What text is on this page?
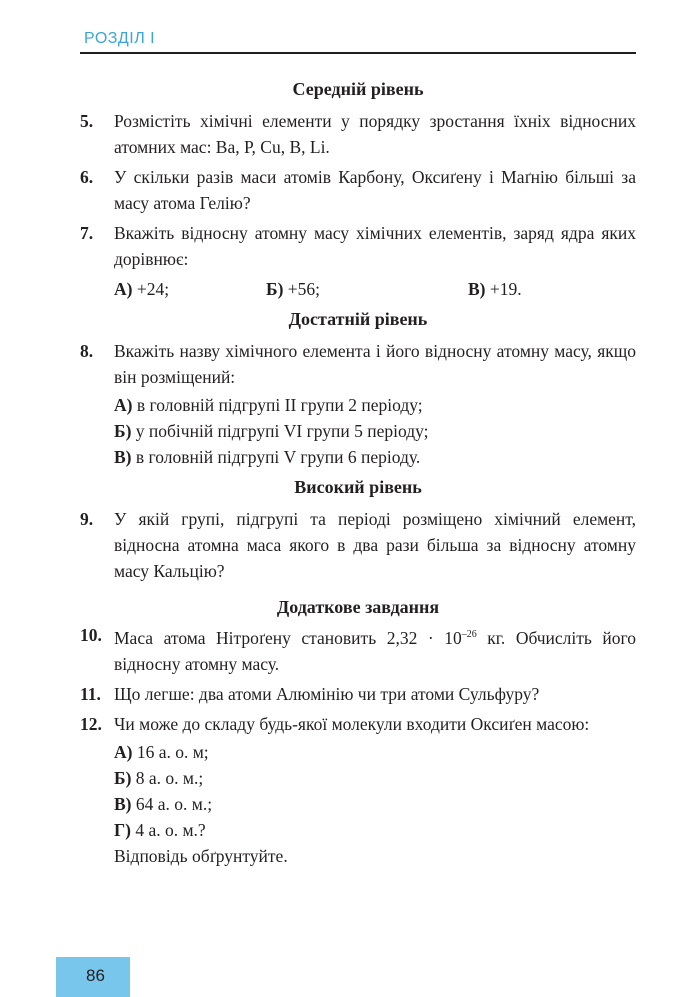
РОЗДІЛ І
Середній рівень
5.	Розмістіть хімічні елементи у порядку зростання їхніх відносних атомних мас: Ва, Р, Сu, В, Li.
6.	У скільки разів маси атомів Карбону, Оксиґену і Маґнію більші за масу атома Гелію?
7.	Вкажіть відносну атомну масу хімічних елементів, заряд ядра яких дорівнює:
А) +24;	Б) +56;	В) +19.
Достатній рівень
8.	Вкажіть назву хімічного елемента і його відносну атомну масу, якщо він розміщений:
А) в головній підгрупі II групи 2 періоду;
Б) у побічній підгрупі VI групи 5 періоду;
В) в головній підгрупі V групи 6 періоду.
Високий рівень
9.	У якій групі, підгрупі та періоді розміщено хімічний елемент, відносна атомна маса якого в два рази більша за відносну атомну масу Кальцію?
Додаткове завдання
10. Маса атома Нітроґену становить $2,32 \cdot 10^{-26}$ кг. Обчисліть його відносну атомну масу.
11. Що легше: два атоми Алюмінію чи три атоми Сульфуру?
12. Чи може до складу будь-якої молекули входити Оксиґен масою:
А) 16 а. о. м;
Б) 8 а. о. м.;
В) 64 а. о. м.;
Г) 4 а. о. м.?
Відповідь обґрунтуйте.
86
